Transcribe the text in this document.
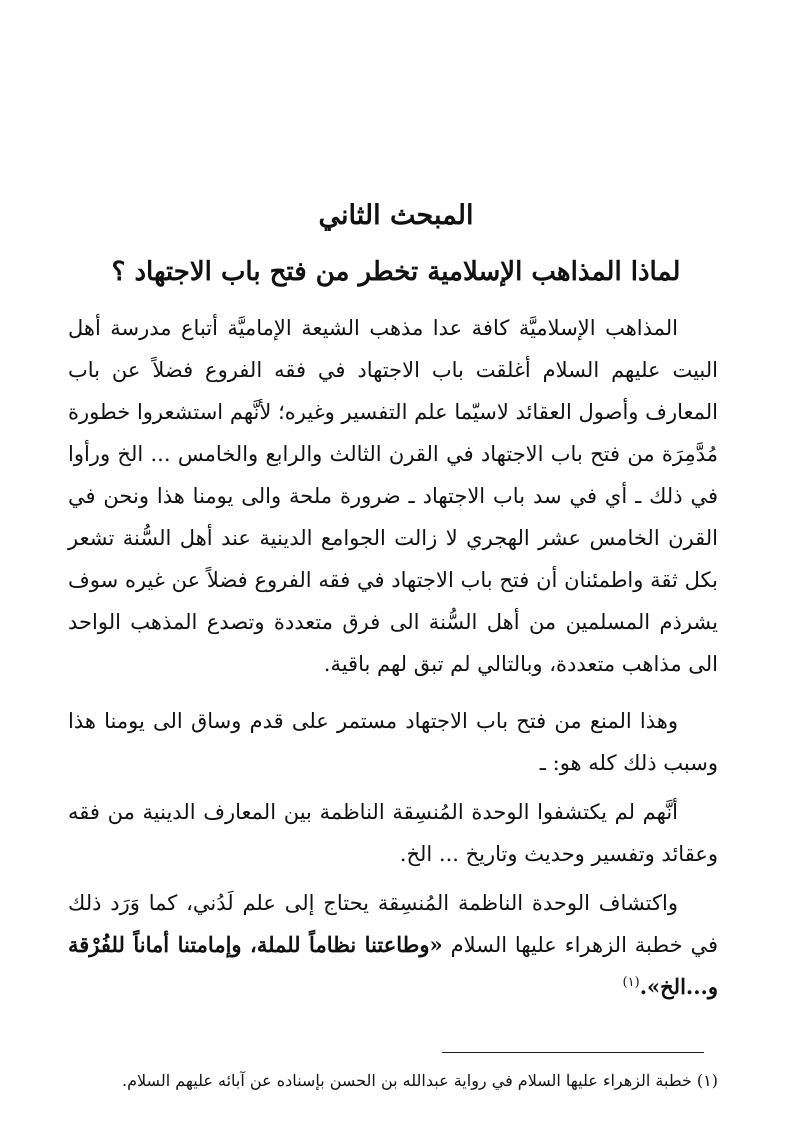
المبحث الثاني
لماذا المذاهب الإسلامية تخطر من فتح باب الاجتهاد ؟

المذاهب الإسلاميَّة كافة عدا مذهب الشيعة الإماميَّة أتباع مدرسة أهل البيت عليهم السلام أغلقت باب الاجتهاد في فقه الفروع فضلاً عن باب المعارف وأصول العقائد لاسيّما علم التفسير وغيره؛ لأنَّهم استشعروا خطورة مُدَّمِرَة من فتح باب الاجتهاد في القرن الثالث والرابع والخامس ... الخ ورأوا في ذلك ـ أي في سد باب الاجتهاد ـ ضرورة ملحة والى يومنا هذا ونحن في القرن الخامس عشر الهجري لا زالت الجوامع الدينية عند أهل السُّنة تشعر بكل ثقة واطمئنان أن فتح باب الاجتهاد في فقه الفروع فضلاً عن غيره سوف يشرذم المسلمين من أهل السُّنة الى فرق متعددة وتصدع المذهب الواحد الى مذاهب متعددة، وبالتالي لم تبق لهم باقية.

وهذا المنع من فتح باب الاجتهاد مستمر على قدم وساق الى يومنا هذا وسبب ذلك كله هو: ـ

أنَّهم لم يكتشفوا الوحدة المُنسِقة الناظمة بين المعارف الدينية من فقه وعقائد وتفسير وحديث وتاريخ ... الخ.

واكتشاف الوحدة الناظمة المُنسِقة يحتاج إلى علم لَدُني، كما وَرَد ذلك في خطبة الزهراء عليها السلام «وطاعتنا نظاماً للملة، وإمامتنا أماناً للفُرْقة و...الخ».$^{(١)}$

(١) خطبة الزهراء عليها السلام في رواية عبدالله بن الحسن بإسناده عن آبائه عليهم السلام.
